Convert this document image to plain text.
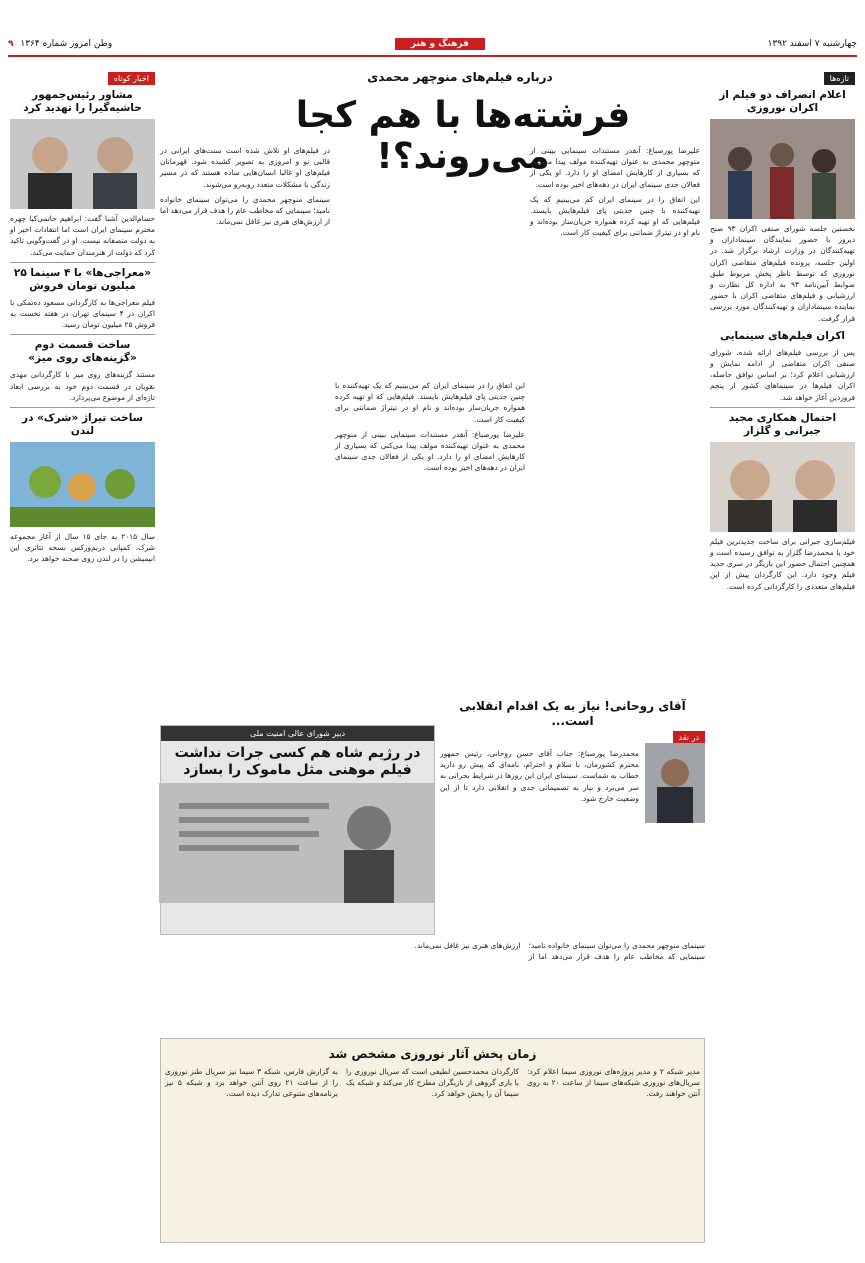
چهارشنبه ۷ اسفند ۱۳۹۲
فرهنگ و هنر
وطن امروز شماره ۱۳۶۴ ۹
تازه‌ها
اعلام انصراف دو فیلم از اکران نوروزی
نخستین جلسه شورای صنفی اکران ۹۳ صبح دیروز با حضور نمایندگان سینماداران و تهیه‌کنندگان در وزارت ارشاد برگزار شد. در اولین جلسه، پرونده فیلم‌های متقاضی اکران نوروزی که توسط ناظر پخش مربوط طبق ضوابط آیین‌نامه ۹۳ به اداره کل نظارت و ارزشیابی و فیلم‌های متقاضی اکران با حضور نماینده سینماداران و تهیه‌کنندگان مورد بررسی قرار گرفت.
اکران فیلم‌های سینمایی
پس از بررسی فیلم‌های ارائه شده، شورای صنفی اکران متقاضی از ادامه نمایش و ارزشیابی اعلام کرد؛ بر اساس توافق حاصله، اکران فیلم‌ها در سینماهای کشور از پنجم فروردین آغاز خواهد شد.
احتمال همکاری مجید جبرانی و گلزار
فیلم‌سازی جبرانی برای ساخت جدیدترین فیلم خود با محمدرضا گلزار به توافق رسیده است و همچنین احتمال حضور این بازیگر در سری جدید فیلم وجود دارد. این کارگردان پیش از این فیلم‌های متعددی را کارگردانی کرده است.
درباره فیلم‌های منوچهر محمدی
فرشته‌ها با هم کجا می‌روند؟!
علیرضا پورصباغ: آنقدر مستندات سینمایی ببینی از منوچهر محمدی به عنوان تهیه‌کننده مولف پیدا می‌کنی که بسیاری از کارهایش امضای او را دارد. او یکی از فعالان جدی سینمای ایران در دهه‌های اخیر بوده است.
این اتفاق را در سینمای ایران کم می‌بینیم که یک تهیه‌کننده با چنین جدیتی پای فیلم‌هایش بایستد. فیلم‌هایی که او تهیه کرده همواره جریان‌ساز بوده‌اند و نام او در تیتراژ ضمانتی برای کیفیت کار است.
در فیلم‌های او تلاش شده است سنت‌های ایرانی در قالبی نو و امروزی به تصویر کشیده شود. قهرمانان فیلم‌های او غالبا انسان‌هایی ساده هستند که در مسیر زندگی با مشکلات متعدد روبه‌رو می‌شوند.
سینمای منوچهر محمدی را می‌توان سینمای خانواده نامید؛ سینمایی که مخاطب عام را هدف قرار می‌دهد اما از ارزش‌های هنری نیز غافل نمی‌ماند.
این اتفاق را در سینمای ایران کم می‌بینیم که یک تهیه‌کننده با چنین جدیتی پای فیلم‌هایش بایستد. فیلم‌هایی که او تهیه کرده همواره جریان‌ساز بوده‌اند و نام او در تیتراژ ضمانتی برای کیفیت کار است.
علیرضا پورصباغ: آنقدر مستندات سینمایی ببینی از منوچهر محمدی به عنوان تهیه‌کننده مولف پیدا می‌کنی که بسیاری از کارهایش امضای او را دارد. او یکی از فعالان جدی سینمای ایران در دهه‌های اخیر بوده است.
آقای روحانی! نیاز به یک اقدام انقلابی است...
در نقد
محمدرضا پورصباغ: جناب آقای حسن روحانی، رئیس جمهور محترم کشورمان، با سلام و احترام، نامه‌ای که پیش رو دارید خطاب به شماست. سینمای ایران این روزها در شرایط بحرانی به سر می‌برد و نیاز به تصمیماتی جدی و انقلابی دارد تا از این وضعیت خارج شود.
دبیر شورای عالی امنیت ملی
در رژیم شاه هم کسی جرات نداشت فیلم موهنی مثل ماموک را بسازد
سینمای منوچهر محمدی را می‌توان سینمای خانواده نامید؛ سینمایی که مخاطب عام را هدف قرار می‌دهد اما از ارزش‌های هنری نیز غافل نمی‌ماند.
زمان پخش آثار نوروزی مشخص شد
مدیر شبکه ۲ و مدیر پروژه‌های نوروزی سیما اعلام کرد: سریال‌های نوروزی شبکه‌های سیما از ساعت ۲۰ به روی آنتن خواهند رفت.
کارگردان محمدحسین لطیفی است که سریال نوروزی را با بازی گروهی از بازیگران مطرح کار می‌کند و شبکه یک سیما آن را پخش خواهد کرد.
به گزارش فارس، شبکه ۳ سیما نیز سریال طنز نوروزی را از ساعت ۲۱ روی آنتن خواهد برد و شبکه ۵ نیز برنامه‌های متنوعی تدارک دیده است.
اخبار کوتاه
مشاور رئیس‌جمهور حاشیه‌گیرا را تهدید کرد
حسام‌الدین آشنا گفت: ابراهیم حاتمی‌کیا چهره محترم سینمای ایران است اما انتقادات اخیر او به دولت منصفانه نیست. او در گفت‌وگویی تاکید کرد که دولت از هنرمندان حمایت می‌کند.
«معراجی‌ها» با ۴ سینما ۲۵ میلیون تومان فروش
فیلم معراجی‌ها به کارگردانی مسعود ده‌نمکی با اکران در ۴ سینمای تهران در هفته نخست به فروش ۲۵ میلیون تومان رسید.
ساخت قسمت دوم «گزینه‌های روی میز»
مستند گزینه‌های روی میز با کارگردانی مهدی نقویان در قسمت دوم خود به بررسی ابعاد تازه‌ای از موضوع می‌پردازد.
ساخت تیراژ «شرک» در لندن
سال ۲۰۱۵ به جای ۱۵ سال از آغاز مجموعه شرک، کمپانی دریم‌ورکس نسخه تئاتری این انیمیشن را در لندن روی صحنه خواهد برد.
